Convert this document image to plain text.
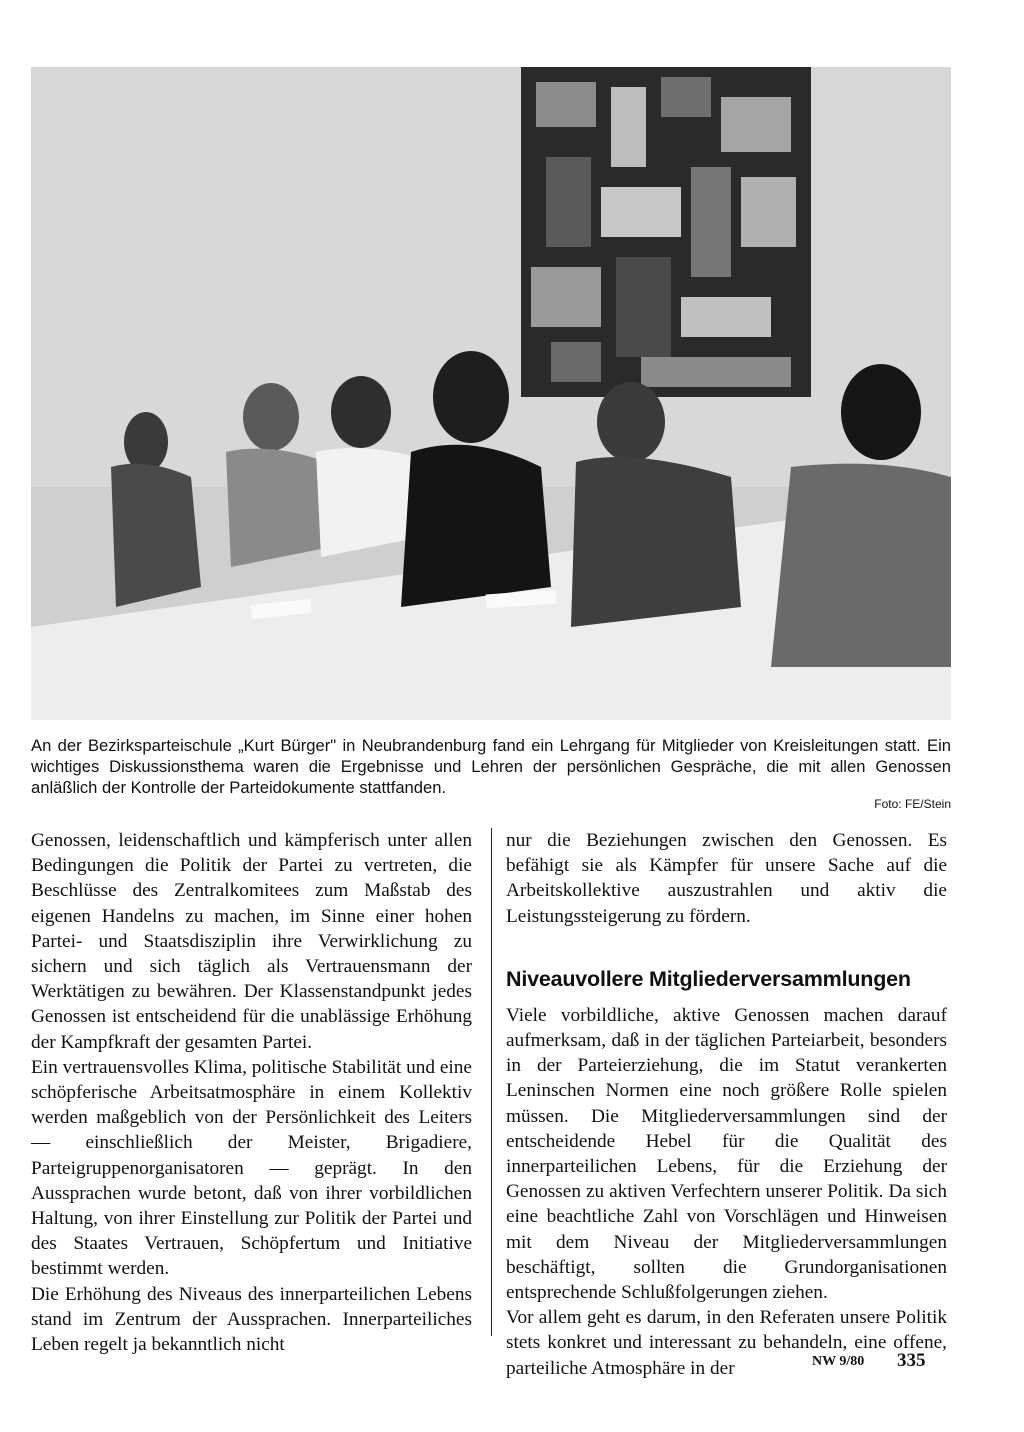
An der Bezirksparteischule „Kurt Bürger" in Neubrandenburg fand ein Lehrgang für Mitglieder von Kreisleitungen statt. Ein wichtiges Diskussionsthema waren die Ergebnisse und Lehren der persönlichen Gespräche, die mit allen Genossen anläßlich der Kontrolle der Parteidokumente stattfanden.
Foto: FE/Stein

Genossen, leidenschaftlich und kämpferisch unter allen Bedingungen die Politik der Partei zu vertreten, die Beschlüsse des Zentralkomitees zum Maßstab des eigenen Handelns zu machen, im Sinne einer hohen Partei- und Staatsdisziplin ihre Verwirklichung zu sichern und sich täglich als Vertrauensmann der Werktätigen zu bewähren. Der Klassenstandpunkt jedes Genossen ist entscheidend für die unablässige Erhöhung der Kampfkraft der gesamten Partei.

Ein vertrauensvolles Klima, politische Stabilität und eine schöpferische Arbeitsatmosphäre in einem Kollektiv werden maßgeblich von der Persönlichkeit des Leiters — einschließlich der Meister, Brigadiere, Parteigruppenorganisatoren — geprägt. In den Aussprachen wurde betont, daß von ihrer vorbildlichen Haltung, von ihrer Einstellung zur Politik der Partei und des Staates Vertrauen, Schöpfertum und Initiative bestimmt werden.

Die Erhöhung des Niveaus des innerparteilichen Lebens stand im Zentrum der Aussprachen. Innerparteiliches Leben regelt ja bekanntlich nicht

nur die Beziehungen zwischen den Genossen. Es befähigt sie als Kämpfer für unsere Sache auf die Arbeitskollektive auszustrahlen und aktiv die Leistungssteigerung zu fördern.

Niveauvollere Mitgliederversammlungen

Viele vorbildliche, aktive Genossen machen darauf aufmerksam, daß in der täglichen Parteiarbeit, besonders in der Parteierziehung, die im Statut verankerten Leninschen Normen eine noch größere Rolle spielen müssen. Die Mitgliederversammlungen sind der entscheidende Hebel für die Qualität des innerparteilichen Lebens, für die Erziehung der Genossen zu aktiven Verfechtern unserer Politik. Da sich eine beachtliche Zahl von Vorschlägen und Hinweisen mit dem Niveau der Mitgliederversammlungen beschäftigt, sollten die Grundorganisationen entsprechende Schlußfolgerungen ziehen.

Vor allem geht es darum, in den Referaten unsere Politik stets konkret und interessant zu behandeln, eine offene, parteiliche Atmosphäre in der	NW 9/80 335
